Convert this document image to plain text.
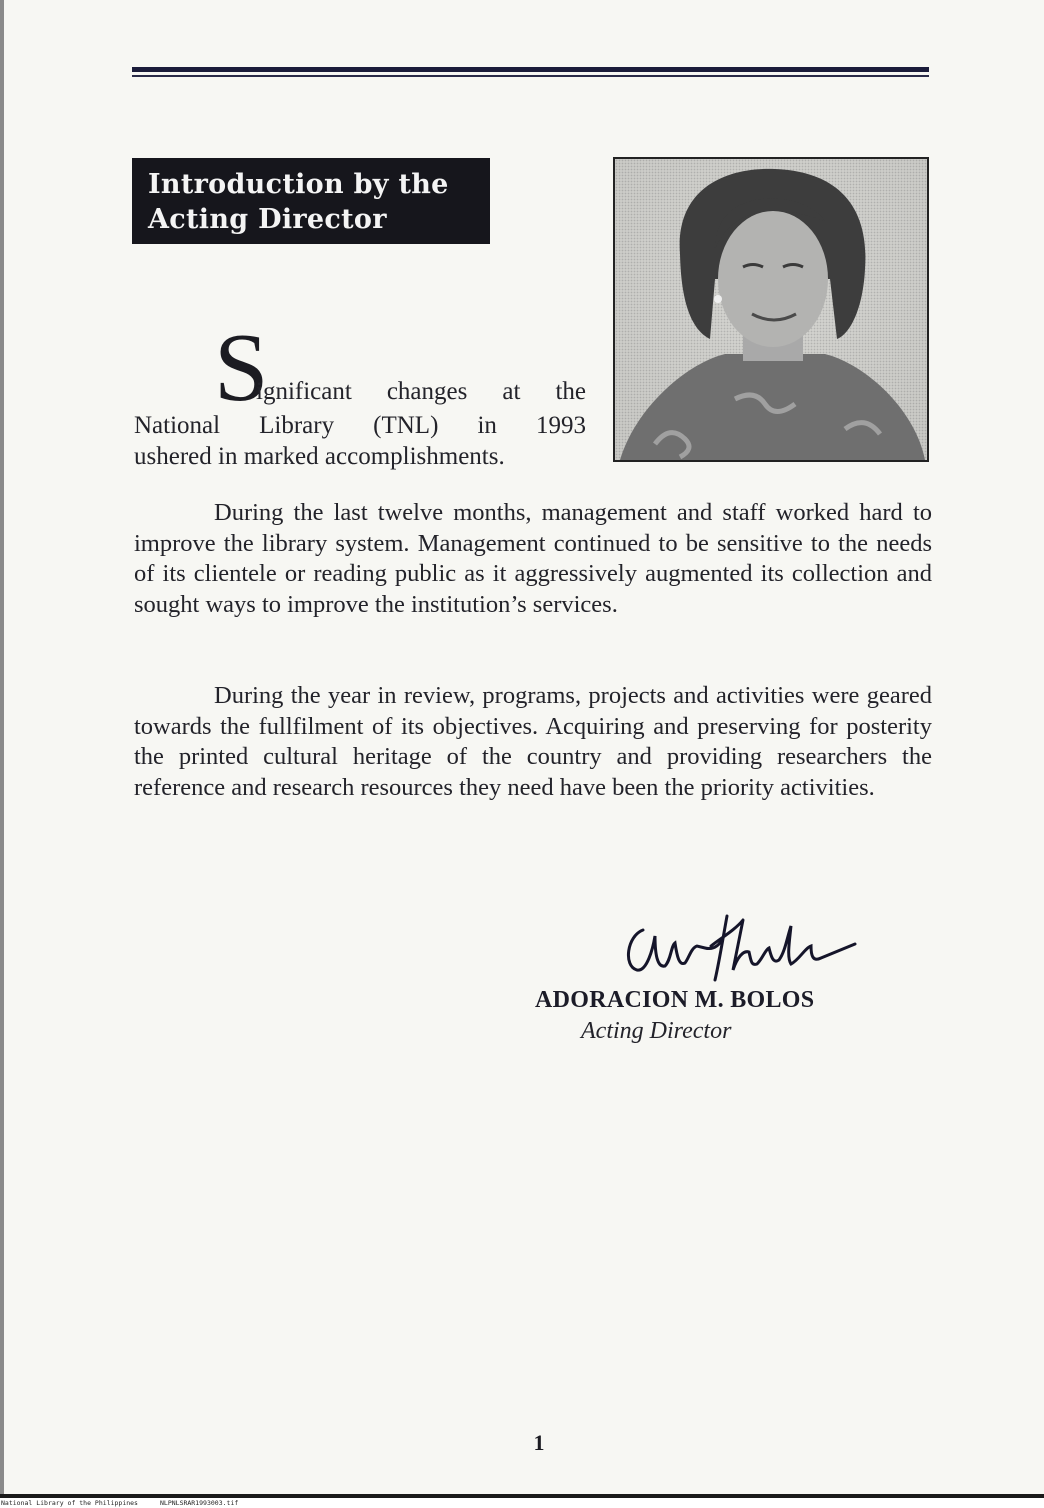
Introduction by the
Acting Director
S
ignificant changes at the
National Library (TNL) in 1993
ushered in marked accomplishments.

During the last twelve months, management and staff worked hard to improve the library system. Management continued to be sensitive to the needs of its clientele or reading public as it aggressively augmented its collection and sought ways to improve the institution’s services.

During the year in review, programs, projects and activities were geared towards the fullfilment of its objectives. Acquiring and preserving for posterity the printed cultural heritage of the country and providing researchers the reference and research resources they need have been the priority activities.

ADORACION M. BOLOS
Acting Director
1
National Library of the Philippines	NLPNLSRAR1993003.tif
